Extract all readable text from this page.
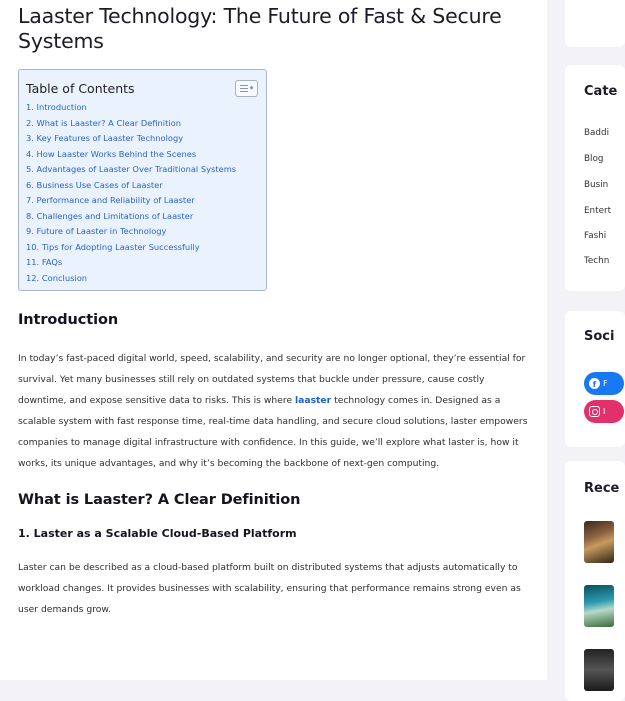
Laaster Technology: The Future of Fast & Secure Systems
Table of Contents	◆
1. Introduction
2. What is Laaster? A Clear Definition
3. Key Features of Laaster Technology
4. How Laaster Works Behind the Scenes
5. Advantages of Laaster Over Traditional Systems
6. Business Use Cases of Laaster
7. Performance and Reliability of Laaster
8. Challenges and Limitations of Laaster
9. Future of Laaster in Technology
10. Tips for Adopting Laaster Successfully
11. FAQs
12. Conclusion
Introduction

In today’s fast-paced digital world, speed, scalability, and security are no longer optional, they’re essential for survival. Yet many businesses still rely on outdated systems that buckle under pressure, cause costly downtime, and expose sensitive data to risks. This is where laaster technology comes in. Designed as a scalable system with fast response time, real-time data handling, and secure cloud solutions, laster empowers companies to manage digital infrastructure with confidence. In this guide, we’ll explore what laster is, how it works, its unique advantages, and why it’s becoming the backbone of next-gen computing.

What is Laaster? A Clear Definition
1. Laster as a Scalable Cloud-Based Platform

Laster can be described as a cloud-based platform built on distributed systems that adjusts automatically to workload changes. It provides businesses with scalability, ensuring that performance remains strong even as user demands grow.

Cate
Baddi
Blog
Busin
Entert
Fashi
Techn
Soci
f F
I
Rece
